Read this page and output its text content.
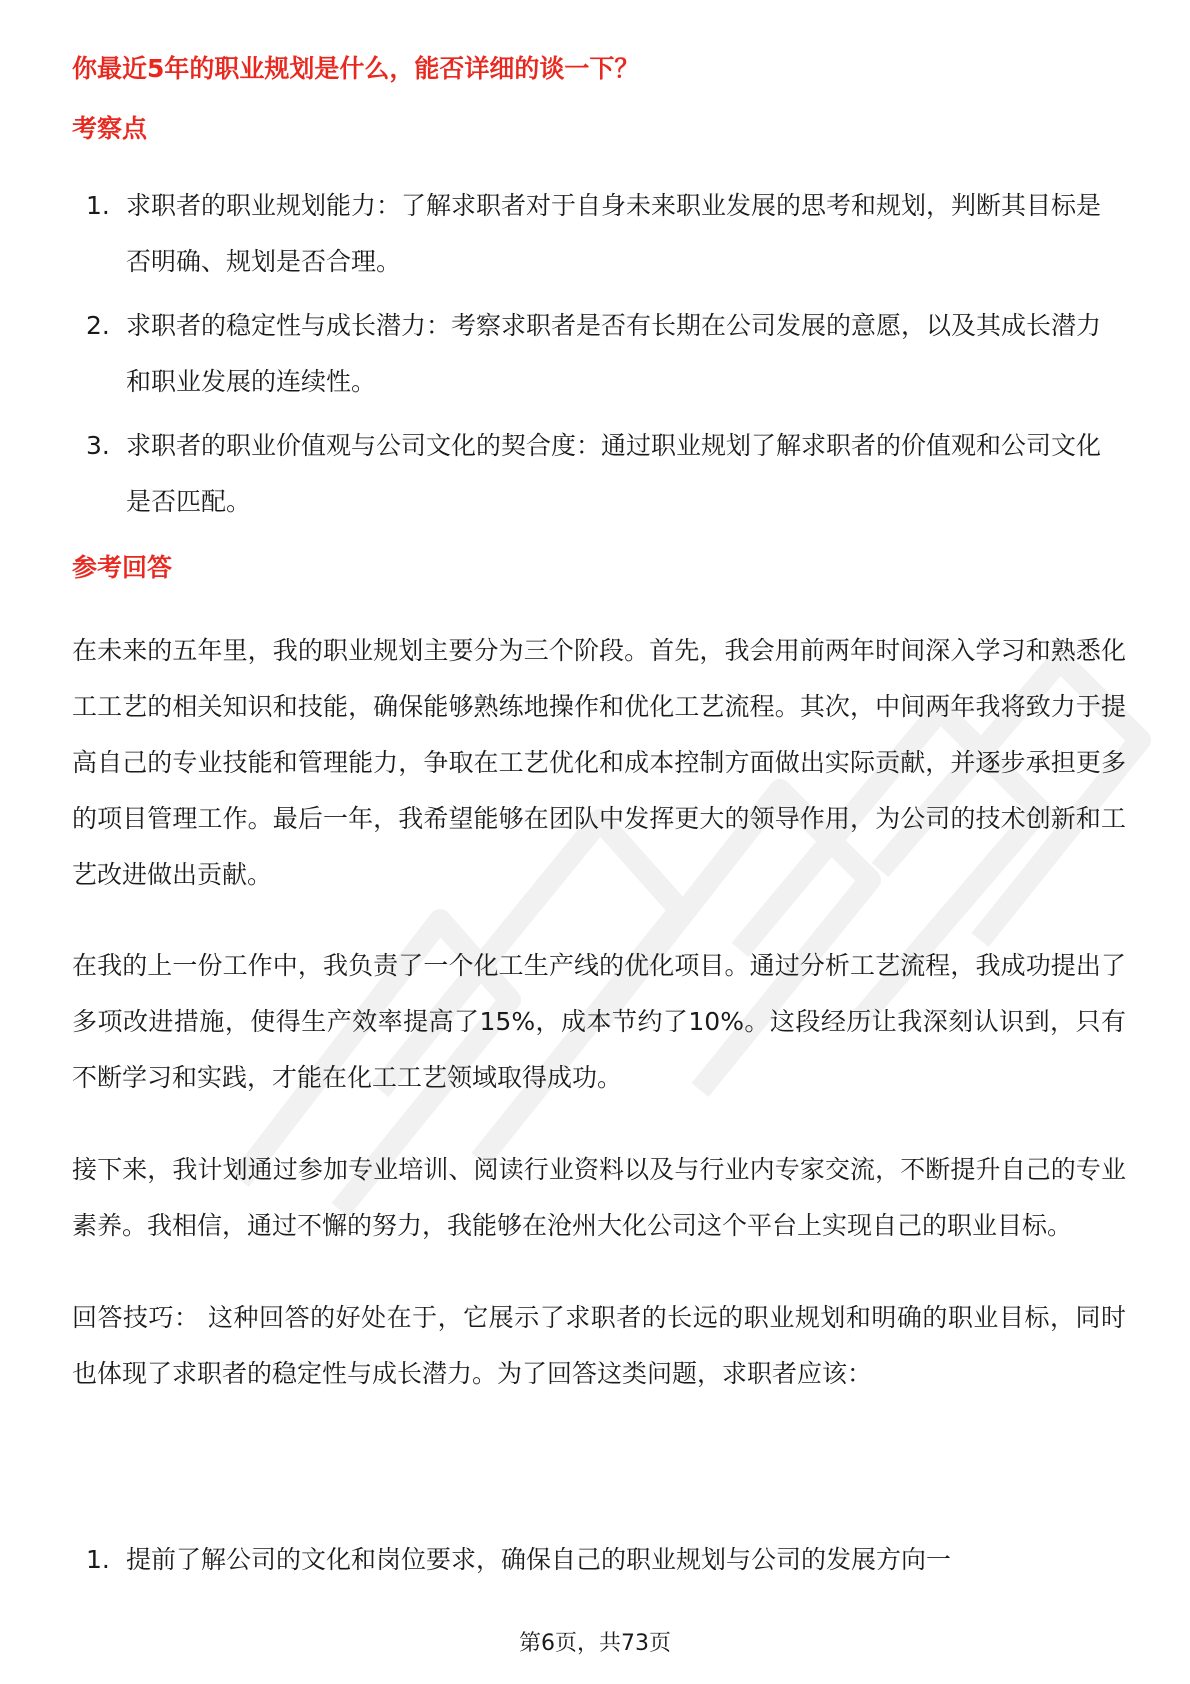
你最近5年的职业规划是什么，能否详细的谈一下？
考察点
1. 求职者的职业规划能力：了解求职者对于自身未来职业发展的思考和规划，判断其目标是否明确、规划是否合理。
2. 求职者的稳定性与成长潜力：考察求职者是否有长期在公司发展的意愿，以及其成长潜力和职业发展的连续性。
3. 求职者的职业价值观与公司文化的契合度：通过职业规划了解求职者的价值观和公司文化是否匹配。
参考回答

在未来的五年里，我的职业规划主要分为三个阶段。首先，我会用前两年时间深入学习和熟悉化工工艺的相关知识和技能，确保能够熟练地操作和优化工艺流程。其次，中间两年我将致力于提高自己的专业技能和管理能力，争取在工艺优化和成本控制方面做出实际贡献，并逐步承担更多的项目管理工作。最后一年，我希望能够在团队中发挥更大的领导作用，为公司的技术创新和工艺改进做出贡献。

在我的上一份工作中，我负责了一个化工生产线的优化项目。通过分析工艺流程，我成功提出了多项改进措施，使得生产效率提高了15%，成本节约了10%。这段经历让我深刻认识到，只有不断学习和实践，才能在化工工艺领域取得成功。

接下来，我计划通过参加专业培训、阅读行业资料以及与行业内专家交流，不断提升自己的专业素养。我相信，通过不懈的努力，我能够在沧州大化公司这个平台上实现自己的职业目标。

回答技巧： 这种回答的好处在于，它展示了求职者的长远的职业规划和明确的职业目标，同时也体现了求职者的稳定性与成长潜力。为了回答这类问题，求职者应该：

1. 提前了解公司的文化和岗位要求，确保自己的职业规划与公司的发展方向一
第6页，共73页
